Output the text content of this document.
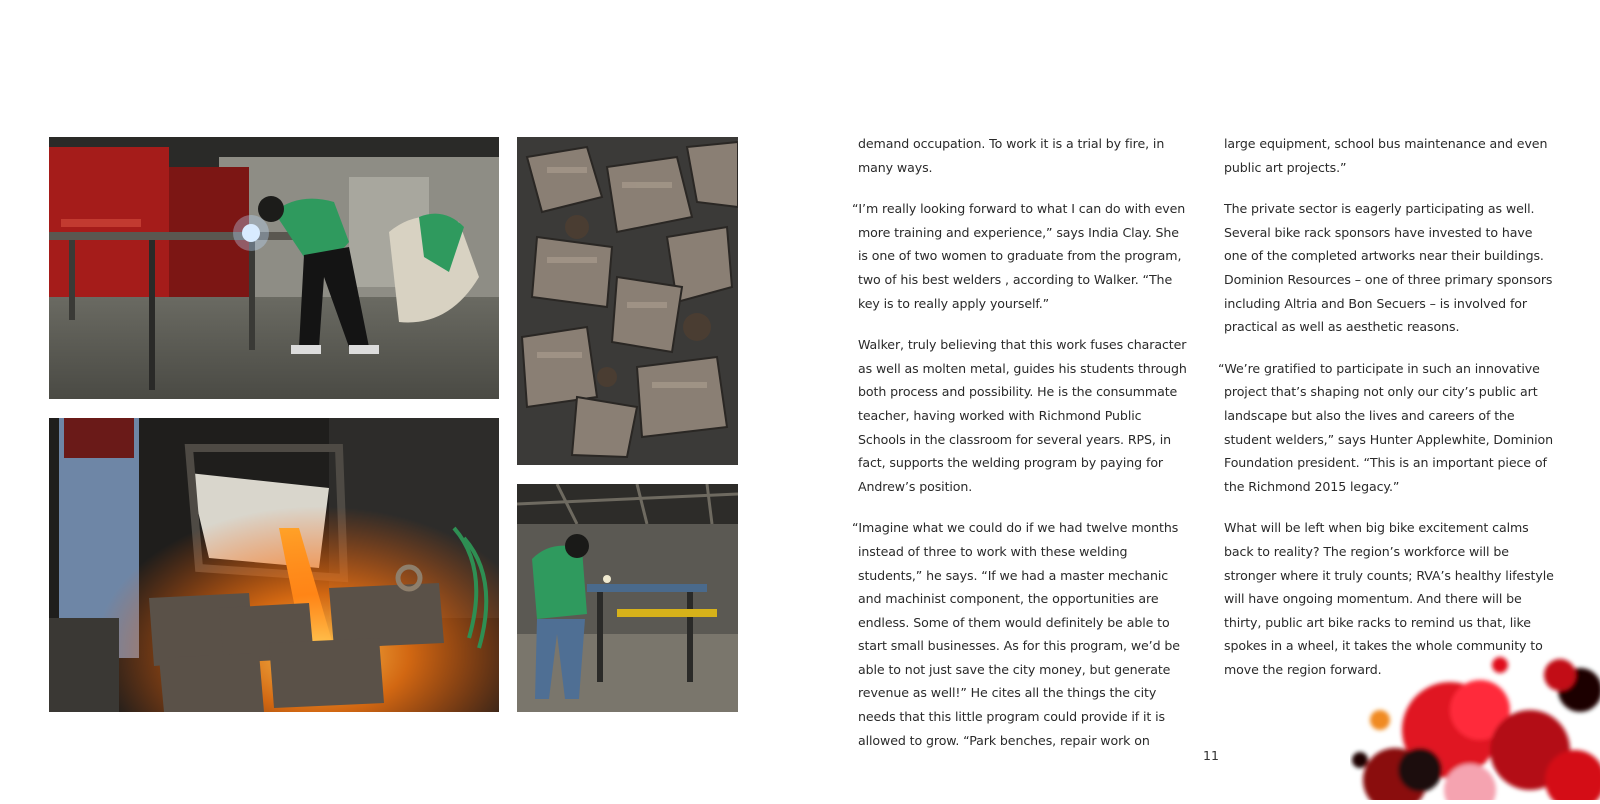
demand occupation. To work it is a trial by fire, in many ways.

“I’m really looking forward to what I can do with even more training and experience,” says India Clay. She is one of two women to graduate from the program, two of his best welders , according to Walker. “The key is to really apply yourself.”

Walker, truly believing that this work fuses character as well as molten metal, guides his students through both process and possibility. He is the consummate teacher, having worked with Richmond Public Schools in the classroom for several years. RPS, in fact, supports the welding program by paying for Andrew’s position.

“Imagine what we could do if we had twelve months instead of three to work with these welding students,” he says. “If we had a master mechanic and machinist component, the opportunities are endless. Some of them would definitely be able to start small businesses. As for this program, we’d be able to not just save the city money, but generate revenue as well!” He cites all the things the city needs that this little program could provide if it is allowed to grow. “Park benches, repair work on

large equipment, school bus maintenance and even public art projects.”

The private sector is eagerly participating as well. Several bike rack sponsors have invested to have one of the completed artworks near their buildings. Dominion Resources – one of three primary sponsors including Altria and Bon Secuers – is involved for practical as well as aesthetic reasons.

“We’re gratified to participate in such an innovative project that’s shaping not only our city’s public art landscape but also the lives and careers of the student welders,” says Hunter Applewhite, Dominion Foundation president. “This is an important piece of the Richmond 2015 legacy.”

What will be left when big bike excitement calms back to reality? The region’s workforce will be stronger where it truly counts; RVA’s healthy lifestyle will have ongoing momentum. And there will be thirty, public art bike racks to remind us that, like spokes in a wheel, it takes the whole community to move the region forward.

11
